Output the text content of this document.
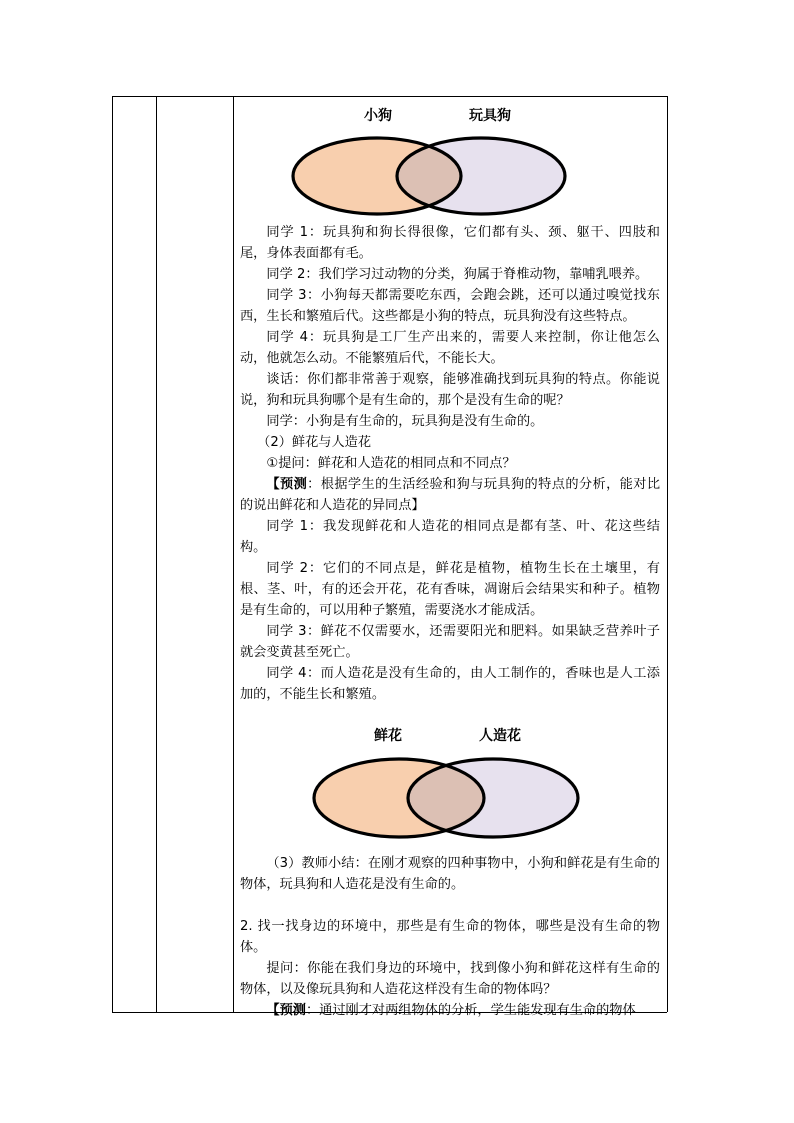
小狗	玩具狗

同学 1：玩具狗和狗长得很像，它们都有头、颈、躯干、四肢和尾，身体表面都有毛。

同学 2：我们学习过动物的分类，狗属于脊椎动物，靠哺乳喂养。

同学 3：小狗每天都需要吃东西，会跑会跳，还可以通过嗅觉找东西，生长和繁殖后代。这些都是小狗的特点，玩具狗没有这些特点。

同学 4：玩具狗是工厂生产出来的，需要人来控制，你让他怎么动，他就怎么动。不能繁殖后代，不能长大。

谈话：你们都非常善于观察，能够准确找到玩具狗的特点。你能说说，狗和玩具狗哪个是有生命的，那个是没有生命的呢？

同学：小狗是有生命的，玩具狗是没有生命的。

（2）鲜花与人造花

①提问：鲜花和人造花的相同点和不同点？

【预测：根据学生的生活经验和狗与玩具狗的特点的分析，能对比的说出鲜花和人造花的异同点】

同学 1：我发现鲜花和人造花的相同点是都有茎、叶、花这些结构。

同学 2：它们的不同点是，鲜花是植物，植物生长在土壤里，有根、茎、叶，有的还会开花，花有香味，凋谢后会结果实和种子。植物是有生命的，可以用种子繁殖，需要浇水才能成活。

同学 3：鲜花不仅需要水，还需要阳光和肥料。如果缺乏营养叶子就会变黄甚至死亡。

同学 4：而人造花是没有生命的，由人工制作的，香味也是人工添加的，不能生长和繁殖。

鲜花	人造花

（3）教师小结：在刚才观察的四种事物中，小狗和鲜花是有生命的物体，玩具狗和人造花是没有生命的。

2. 找一找身边的环境中，那些是有生命的物体，哪些是没有生命的物体。

提问：你能在我们身边的环境中，找到像小狗和鲜花这样有生命的物体，以及像玩具狗和人造花这样没有生命的物体吗？

【预测：通过刚才对两组物体的分析，学生能发现有生命的物体
